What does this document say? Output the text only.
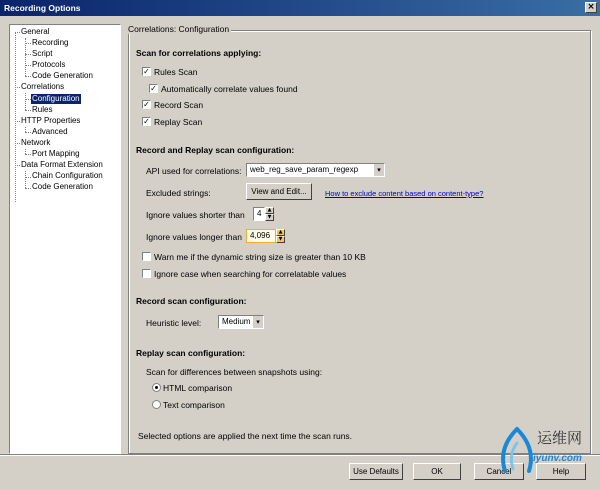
Recording Options	×
General
Recording
Script
Protocols
Code Generation
Correlations
Configuration
Rules
HTTP Properties
Advanced
Network
Port Mapping
Data Format Extension
Chain Configuration
Code Generation
Correlations: Configuration
Scan for correlations applying:
✓ Rules Scan
✓ Automatically correlate values found
✓ Record Scan
✓ Replay Scan
Record and Replay scan configuration:
API used for correlations:	web_reg_save_param_regexp	▾
Excluded strings:	View and Edit...	How to exclude content based on content-type?
Ignore values shorter than	4	▲
▼
Ignore values longer than	4,096	▲
▼
Warn me if the dynamic string size is greater than 10 KB
Ignore case when searching for correlatable values
Record scan configuration:
Heuristic level:	Medium ▾
Replay scan configuration:
Scan for differences between snapshots using:
HTML comparison
Text comparison
Selected options are applied the next time the scan runs.
Use Defaults	OK	Cancel	Help
运维网
iyunv.com
